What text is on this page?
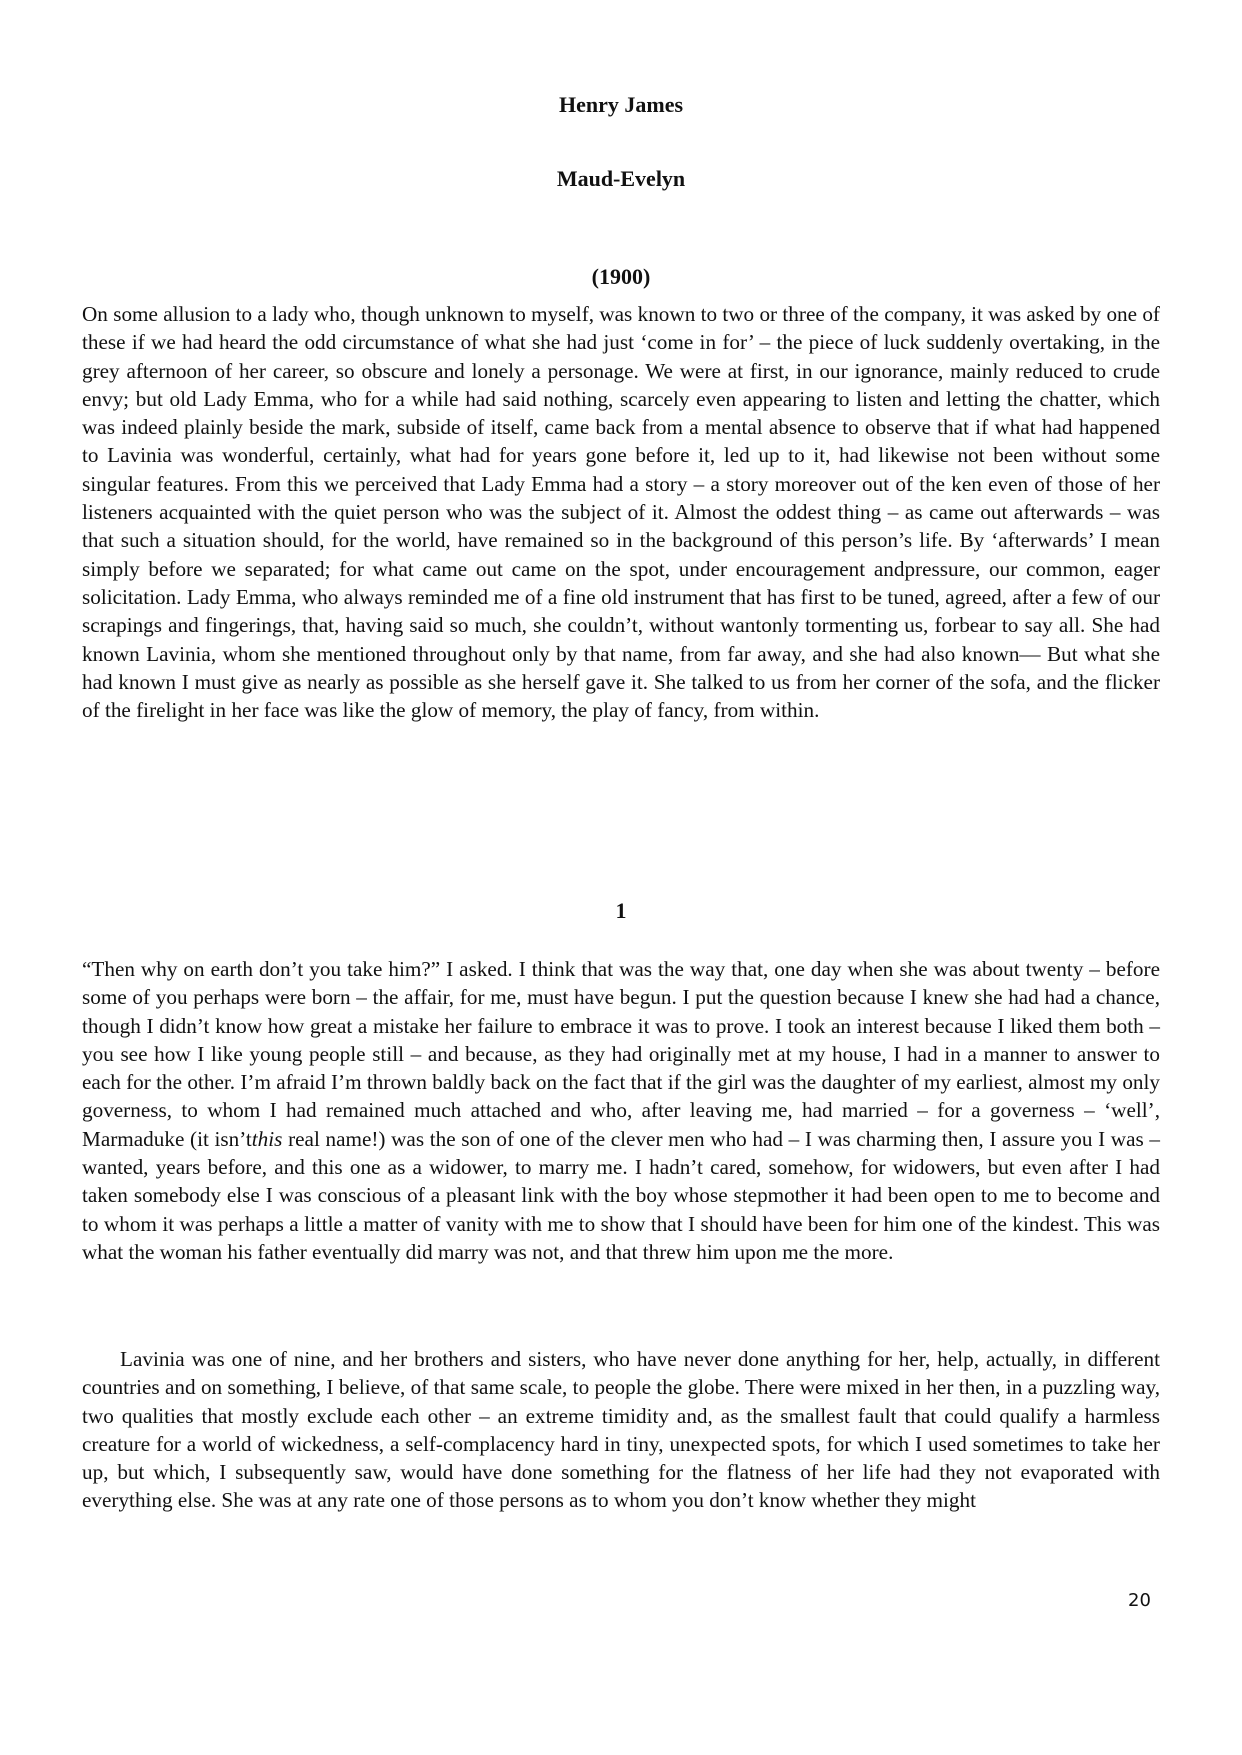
Henry James
Maud-Evelyn
(1900)

On some allusion to a lady who, though unknown to myself, was known to two or three of the company, it was asked by one of these if we had heard the odd circumstance of what she had just ‘come in for’ – the piece of luck suddenly overtaking, in the grey afternoon of her career, so obscure and lonely a personage. We were at first, in our ignorance, mainly reduced to crude envy; but old Lady Emma, who for a while had said nothing, scarcely even appearing to listen and letting the chatter, which was indeed plainly beside the mark, subside of itself, came back from a mental absence to observe that if what had happened to Lavinia was wonderful, certainly, what had for years gone before it, led up to it, had likewise not been without some singular features. From this we perceived that Lady Emma had a story – a story moreover out of the ken even of those of her listeners acquainted with the quiet person who was the subject of it. Almost the oddest thing – as came out afterwards – was that such a situation should, for the world, have remained so in the background of this person’s life. By ‘afterwards’ I mean simply before we separated; for what came out came on the spot, under encouragement andpressure, our common, eager solicitation. Lady Emma, who always reminded me of a fine old instrument that has first to be tuned, agreed, after a few of our scrapings and fingerings, that, having said so much, she couldn’t, without wantonly tormenting us, forbear to say all. She had known Lavinia, whom she mentioned throughout only by that name, from far away, and she had also known— But what she had known I must give as nearly as possible as she herself gave it. She talked to us from her corner of the sofa, and the flicker of the firelight in her face was like the glow of memory, the play of fancy, from within.

1

“Then why on earth don’t you take him?” I asked. I think that was the way that, one day when she was about twenty – before some of you perhaps were born – the affair, for me, must have begun. I put the question because I knew she had had a chance, though I didn’t know how great a mistake her failure to embrace it was to prove. I took an interest because I liked them both – you see how I like young people still – and because, as they had originally met at my house, I had in a manner to answer to each for the other. I’m afraid I’m thrown baldly back on the fact that if the girl was the daughter of my earliest, almost my only governess, to whom I had remained much attached and who, after leaving me, had married – for a governess – ‘well’, Marmaduke (it isn’tthis real name!) was the son of one of the clever men who had – I was charming then, I assure you I was – wanted, years before, and this one as a widower, to marry me. I hadn’t cared, somehow, for widowers, but even after I had taken somebody else I was conscious of a pleasant link with the boy whose stepmother it had been open to me to become and to whom it was perhaps a little a matter of vanity with me to show that I should have been for him one of the kindest. This was what the woman his father eventually did marry was not, and that threw him upon me the more.

Lavinia was one of nine, and her brothers and sisters, who have never done anything for her, help, actually, in different countries and on something, I believe, of that same scale, to people the globe. There were mixed in her then, in a puzzling way, two qualities that mostly exclude each other – an extreme timidity and, as the smallest fault that could qualify a harmless creature for a world of wickedness, a self-complacency hard in tiny, unexpected spots, for which I used sometimes to take her up, but which, I subsequently saw, would have done something for the flatness of her life had they not evaporated with everything else. She was at any rate one of those persons as to whom you don’t know whether they might

20
